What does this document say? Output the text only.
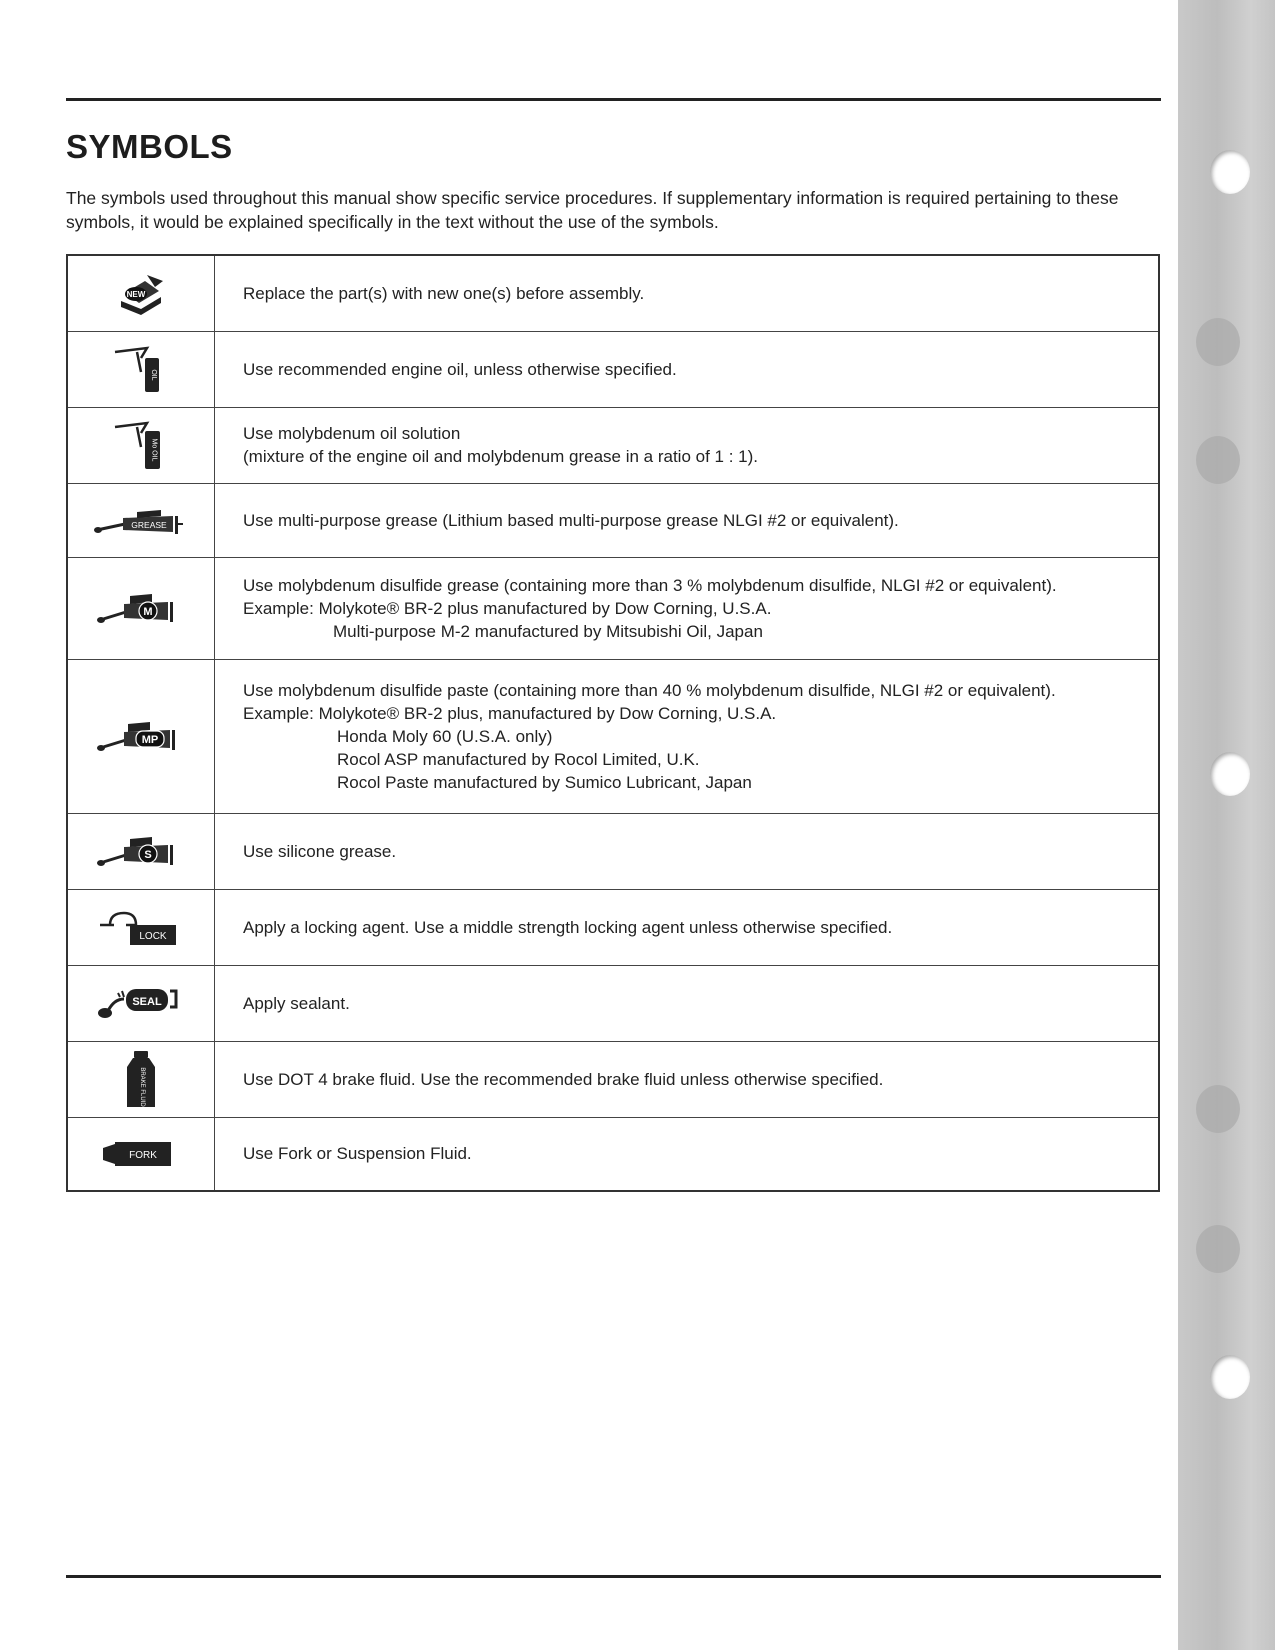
SYMBOLS

The symbols used throughout this manual show specific service procedures. If supplementary information is required pertaining to these symbols, it would be explained specifically in the text without the use of the symbols.

NEW	Replace the part(s) with new one(s) before assembly.

OIL	Use recommended engine oil, unless otherwise specified.

Mo OIL	Use molybdenum oil solution
(mixture of the engine oil and molybdenum grease in a ratio of 1 : 1).

GREASE	Use multi-purpose grease (Lithium based multi-purpose grease NLGI #2 or equivalent).

M	Use molybdenum disulfide grease (containing more than 3 % molybdenum disulfide, NLGI #2 or equivalent).
Example: Molykote® BR-2 plus manufactured by Dow Corning, U.S.A.
Multi-purpose M-2 manufactured by Mitsubishi Oil, Japan

MP	Use molybdenum disulfide paste (containing more than 40 % molybdenum disulfide, NLGI #2 or equivalent).
Example: Molykote® BR-2 plus, manufactured by Dow Corning, U.S.A.
Honda Moly 60 (U.S.A. only)
Rocol ASP manufactured by Rocol Limited, U.K.
Rocol Paste manufactured by Sumico Lubricant, Japan

S	Use silicone grease.

LOCK	Apply a locking agent. Use a middle strength locking agent unless otherwise specified.

SEAL	Apply sealant.

BRAKE FLUID	Use DOT 4 brake fluid. Use the recommended brake fluid unless otherwise specified.

FORK	Use Fork or Suspension Fluid.
